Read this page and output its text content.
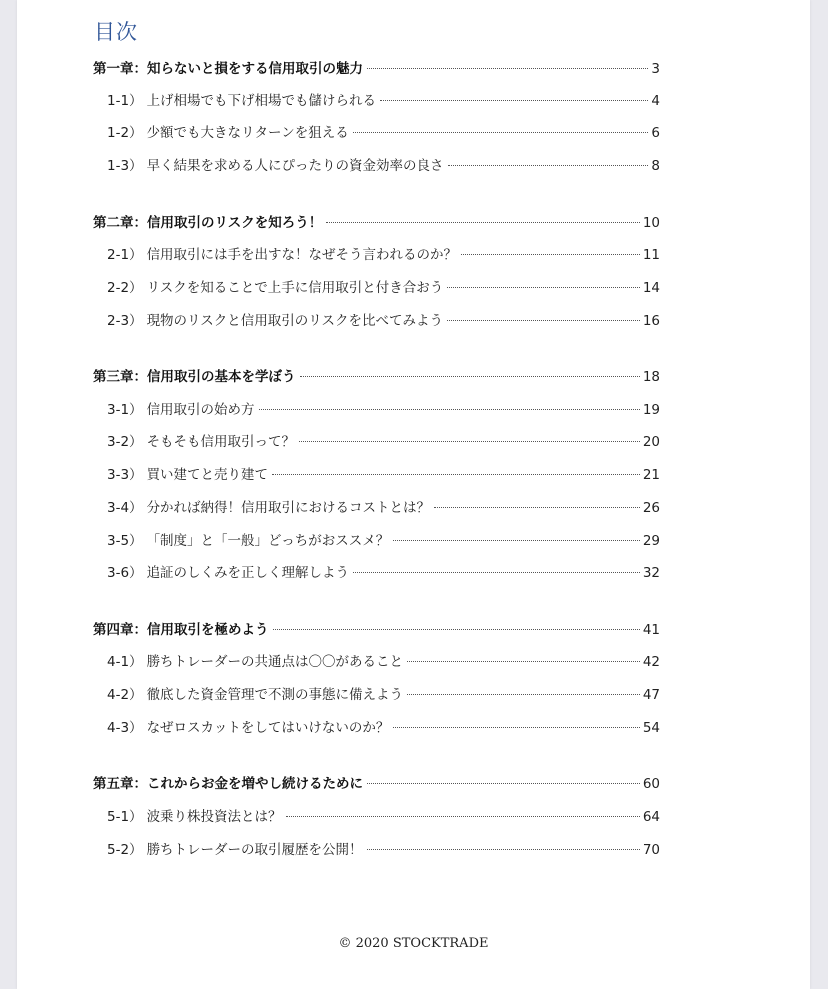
目次
第一章：知らないと損をする信用取引の魅力	3
1-1） 上げ相場でも下げ相場でも儲けられる	4
1-2） 少額でも大きなリターンを狙える	6
1-3） 早く結果を求める人にぴったりの資金効率の良さ	8
第二章：信用取引のリスクを知ろう！	10
2-1） 信用取引には手を出すな！なぜそう言われるのか？	11
2-2） リスクを知ることで上手に信用取引と付き合おう	14
2-3） 現物のリスクと信用取引のリスクを比べてみよう	16
第三章：信用取引の基本を学ぼう	18
3-1） 信用取引の始め方	19
3-2） そもそも信用取引って？	20
3-3） 買い建てと売り建て	21
3-4） 分かれば納得！信用取引におけるコストとは？	26
3-5） 「制度」と「一般」どっちがおススメ？	29
3-6） 追証のしくみを正しく理解しよう	32
第四章：信用取引を極めよう	41
4-1） 勝ちトレーダーの共通点は〇〇があること	42
4-2） 徹底した資金管理で不測の事態に備えよう	47
4-3） なぜロスカットをしてはいけないのか？	54
第五章：これからお金を増やし続けるために	60
5-1） 波乗り株投資法とは？	64
5-2） 勝ちトレーダーの取引履歴を公開！	70
© 2020 STOCKTRADE
